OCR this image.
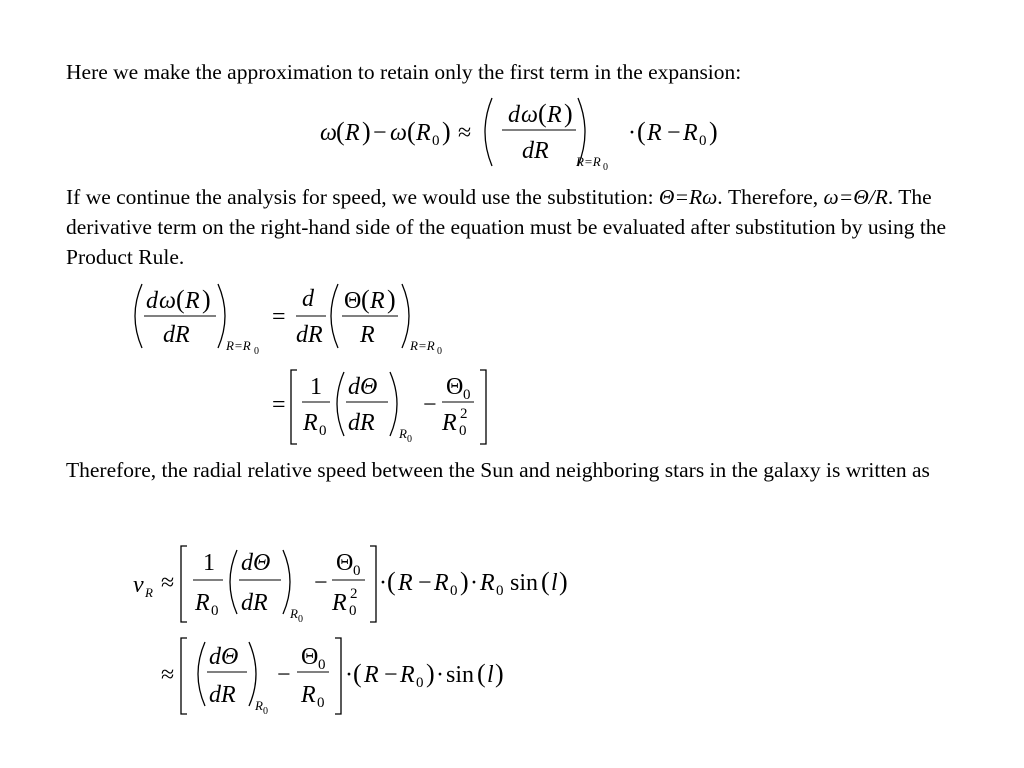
Here we make the approximation to retain only the first term in the expansion:

ω ( R ) − ω ( R 0 ) ≈
d ω ( R )
dR R=R 0
· ( R − R 0 )

If we continue the analysis for speed, we would use the substitution: Θ=Rω. Therefore, ω=Θ/R. The derivative term on the right-hand side of the equation must be evaluated after substitution by using the Product Rule.

d ω ( R )
dR	R=R 0
=
d
dR
Θ ( R )
R	R=R 0
=
1
R 0
dΘ
dR R 0
−
Θ 0
R 0
2

Therefore, the radial relative speed between the Sun and neighboring stars in the galaxy is written as

v R ≈
1
R 0
dΘ
dR R 0
−
Θ 0
R 0
2 · ( R − R 0 ) · R 0 sin ( l )
≈
dΘ
dR R 0
−
Θ 0
R 0
· ( R − R 0 ) · sin ( l )
